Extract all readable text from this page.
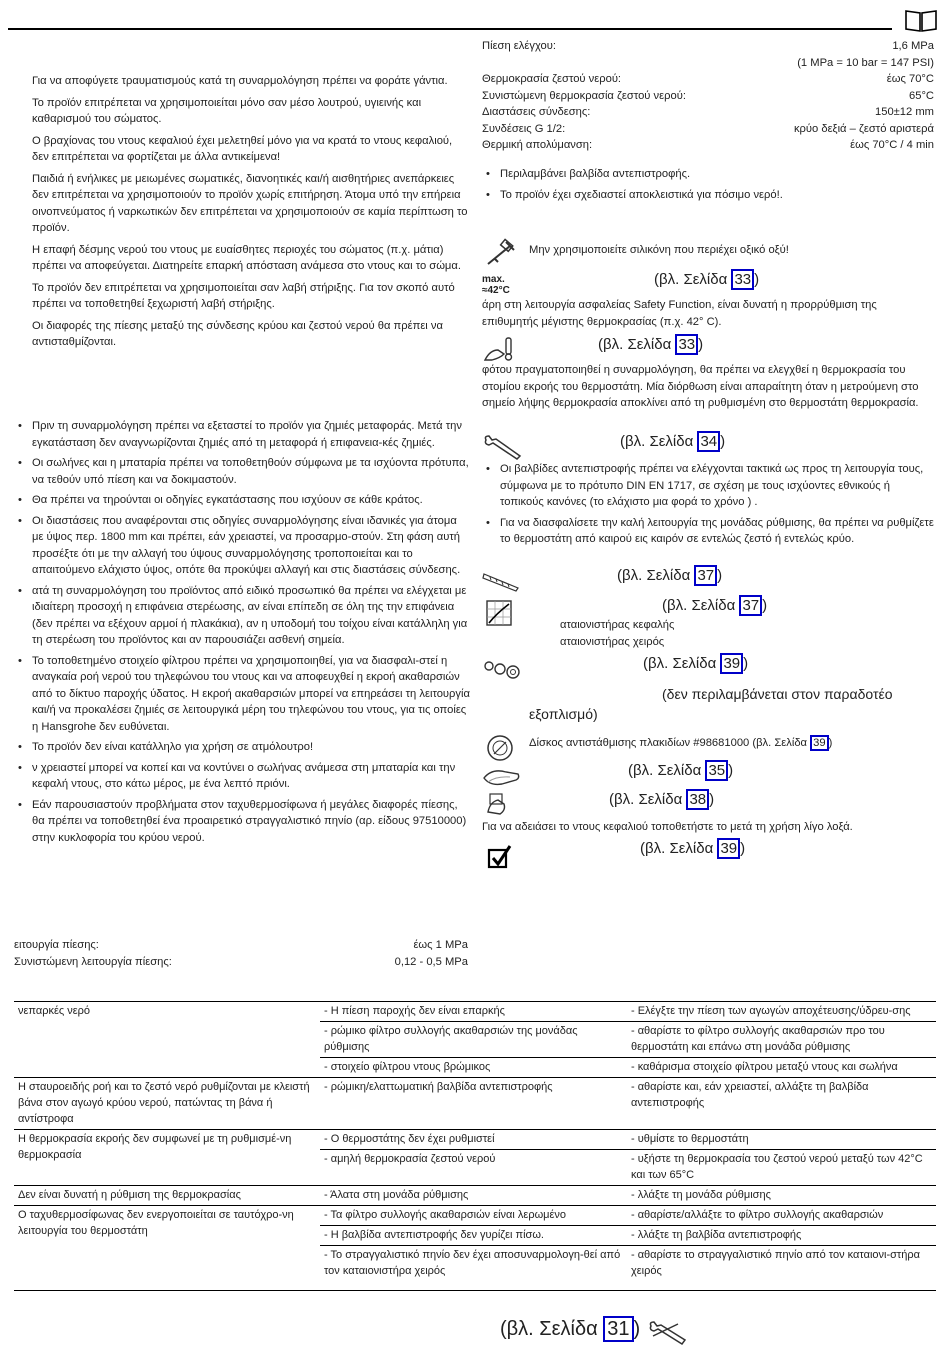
Για να αποφύγετε τραυματισμούς κατά τη συναρμολόγηση πρέπει να φοράτε γάντια.

Το προϊόν επιτρέπεται να χρησιμοποιείται μόνο σαν μέσο λουτρού, υγιεινής και καθαρισμού του σώματος.

Ο βραχίονας του ντους κεφαλιού έχει μελετηθεί μόνο για να κρατά το ντους κεφαλιού, δεν επιτρέπεται να φορτίζεται με άλλα αντικείμενα!

Παιδιά ή ενήλικες με μειωμένες σωματικές, διανοητικές και/ή αισθητήριες ανεπάρκειες δεν επιτρέπεται να χρησιμοποιούν το προϊόν χωρίς επιτήρηση. Άτομα υπό την επήρεια οινοπνεύματος ή ναρκωτικών δεν επιτρέπεται να χρησιμοποιούν σε καμία περίπτωση το προϊόν.

Η επαφή δέσμης νερού του ντους με ευαίσθητες περιοχές του σώματος (π.χ. μάτια) πρέπει να αποφεύγεται. Διατηρείτε επαρκή απόσταση ανάμεσα στο ντους και το σώμα.

Το προϊόν δεν επιτρέπεται να χρησιμοποιείται σαν λαβή στήριξης. Για τον σκοπό αυτό πρέπει να τοποθετηθεί ξεχωριστή λαβή στήριξης.

Οι διαφορές της πίεσης μεταξύ της σύνδεσης κρύου και ζεστού νερού θα πρέπει να αντισταθμίζονται.

• Πριν τη συναρμολόγηση πρέπει να εξεταστεί το προϊόν για ζημιές μεταφοράς. Μετά την εγκατάσταση δεν αναγνωρίζονται ζημιές από τη μεταφορά ή επιφανεια-κές ζημιές.
• Οι σωλήνες και η μπαταρία πρέπει να τοποθετηθούν σύμφωνα με τα ισχύοντα πρότυπα, να τεθούν υπό πίεση και να δοκιμαστούν.
• Θα πρέπει να τηρούνται οι οδηγίες εγκατάστασης που ισχύουν σε κάθε κράτος.
• Οι διαστάσεις που αναφέρονται στις οδηγίες συναρμολόγησης είναι ιδανικές για άτομα με ύψος περ. 1800 mm και πρέπει, εάν χρειαστεί, να προσαρμο-στούν. Στη φάση αυτή προσέξτε ότι με την αλλαγή του ύψους συναρμολόγησης τροποποιείται και το απαιτούμενο ελάχιστο ύψος, οπότε θα προκύψει αλλαγή και στις διαστάσεις σύνδεσης.
• ατά τη συναρμολόγηση του προϊόντος από ειδικό προσωπικό θα πρέπει να ελέγχεται με ιδιαίτερη προσοχή η επιφάνεια στερέωσης, αν είναι επίπεδη σε όλη της την επιφάνεια (δεν πρέπει να εξέχουν αρμοί ή πλακάκια), αν η υποδομή του τοίχου είναι κατάλληλη για τη στερέωση του προϊόντος και αν παρουσιάζει ασθενή σημεία.
• Το τοποθετημένο στοιχείο φίλτρου πρέπει να χρησιμοποιηθεί, για να διασφαλι-στεί η αναγκαία ροή νερού του τηλεφώνου του ντους και να αποφευχθεί η εκροή ακαθαρσιών από το δίκτυο παροχής ύδατος. Η εκροή ακαθαρσιών μπορεί να επηρεάσει τη λειτουργία και/ή να προκαλέσει ζημιές σε λειτουργικά μέρη του τηλεφώνου του ντους, για τις οποίες η Hansgrohe δεν ευθύνεται.
• Το προϊόν δεν είναι κατάλληλο για χρήση σε ατμόλουτρο!
• ν χρειαστεί μπορεί να κοπεί και να κοντύνει ο σωλήνας ανάμεσα στη μπαταρία και την κεφαλή ντους, στο κάτω μέρος, με ένα λεπτό πριόνι.
• Εάν παρουσιαστούν προβλήματα στον ταχυθερμοσίφωνα ή μεγάλες διαφορές πίεσης, θα πρέπει να τοποθετηθεί ένα προαιρετικό στραγγαλιστικό πηνίο (αρ. είδους 97510000) στην κυκλοφορία του κρύου νερού.
ειτουργία πίεσης:	έως 1 MPa
Συνιστώμενη λειτουργία πίεσης:	0,12 - 0,5 MPa
Πίεση ελέγχου:	1,6 MPa
(1 MPa = 10 bar = 147 PSI)
Θερμοκρασία ζεστού νερού:	έως 70°C
Συνιστώμενη θερμοκρασία ζεστού νερού:	65°C
Διαστάσεις σύνδεσης:	150±12 mm
Συνδέσεις G 1/2:	κρύο δεξιά – ζεστό αριστερά
Θερμική απολύμανση:	έως 70°C / 4 min
• Περιλαμβάνει βαλβίδα αντεπιστροφής.
• Το προϊόν έχει σχεδιαστεί αποκλειστικά για πόσιμο νερό!.
Μην χρησιμοποιείτε σιλικόνη που περιέχει οξικό οξύ!
max.
≈42°C
(βλ. Σελίδα 33 )
άρη στη λειτουργία ασφαλείας Safety Function, είναι δυνατή η προρρύθμιση της επιθυμητής μέγιστης θερμοκρασίας (π.χ. 42° C).
(βλ. Σελίδα 33 )
φότου πραγματοποιηθεί η συναρμολόγηση, θα πρέπει να ελεγχθεί η θερμοκρασία του στομίου εκροής του θερμοστάτη. Μία διόρθωση είναι απαραίτητη όταν η μετρούμενη στο σημείο λήψης θερμοκρασία αποκλίνει από τη ρυθμισμένη στο θερμοστάτη θερμοκρασία.
(βλ. Σελίδα 34 )
• Οι βαλβίδες αντεπιστροφής πρέπει να ελέγχονται τακτικά ως προς τη λειτουργία τους, σύμφωνα με το πρότυπο DIN EN 1717, σε σχέση με τους ισχύοντες εθνικούς ή τοπικούς κανόνες (το ελάχιστο μια φορά το χρόνο ) .
• Για να διασφαλίσετε την καλή λειτουργία της μονάδας ρύθμισης, θα πρέπει να ρυθμίζετε το θερμοστάτη από καιρού εις καιρόν σε εντελώς ζεστό ή εντελώς κρύο.
(βλ. Σελίδα 37 )
(βλ. Σελίδα 37 )
αταιονιστήρας κεφαλής
αταιονιστήρας χειρός
(βλ. Σελίδα 39 )
(δεν περιλαμβάνεται στον παραδοτέο
εξοπλισμό)
Δίσκος αντιστάθμισης πλακιδίων #98681000 (βλ. Σελίδα 39 )
(βλ. Σελίδα 35 )
(βλ. Σελίδα 38 )
Για να αδειάσει το ντους κεφαλιού τοποθετήστε το μετά τη χρήση λίγο λοξά.
(βλ. Σελίδα 39 )
νεπαρκές νερό	- Η πίεση παροχής δεν είναι επαρκής	- Ελέγξτε την πίεση των αγωγών αποχέτευσης/ύδρευ-σης
	- ρώμικο φίλτρο συλλογής ακαθαρσιών της μονάδας ρύθμισης	- αθαρίστε το φίλτρο συλλογής ακαθαρσιών προ του θερμοστάτη και επάνω στη μονάδα ρύθμισης
	- στοιχείο φίλτρου ντους βρώμικος	- καθάρισμα στοιχείο φίλτρου μεταξύ ντους και σωλήνα
Η σταυροειδής ροή και το ζεστό νερό ρυθμίζονται με κλειστή βάνα στον αγωγό κρύου νερού, πατώντας τη βάνα ή αντίστροφα	- ρώμικη/ελαττωματική βαλβίδα αντεπιστροφής	- αθαρίστε και, εάν χρειαστεί, αλλάξτε τη βαλβίδα αντεπιστροφής
Η θερμοκρασία εκροής δεν συμφωνεί με τη ρυθμισμέ-νη θερμοκρασία	- Ο θερμοστάτης δεν έχει ρυθμιστεί	- υθμίστε το θερμοστάτη
	- αμηλή θερμοκρασία ζεστού νερού	- υξήστε τη θερμοκρασία του ζεστού νερού μεταξύ των 42°C και των 65°C
Δεν είναι δυνατή η ρύθμιση της θερμοκρασίας	- Άλατα στη μονάδα ρύθμισης	- λλάξτε τη μονάδα ρύθμισης
Ο ταχυθερμοσίφωνας δεν ενεργοποιείται σε ταυτόχρο-νη λειτουργία του θερμοστάτη	- Τα φίλτρο συλλογής ακαθαρσιών είναι λερωμένο	- αθαρίστε/αλλάξτε το φίλτρο συλλογής ακαθαρσιών
	- Η βαλβίδα αντεπιστροφής δεν γυρίζει πίσω.	- λλάξτε τη βαλβίδα αντεπιστροφής
	- Το στραγγαλιστικό πηνίο δεν έχει αποσυναρμολογη-θεί από τον καταιονιστήρα χειρός	- αθαρίστε το στραγγαλιστικό πηνίο από τον καταιονι-στήρα χειρός
(βλ. Σελίδα 31 )
